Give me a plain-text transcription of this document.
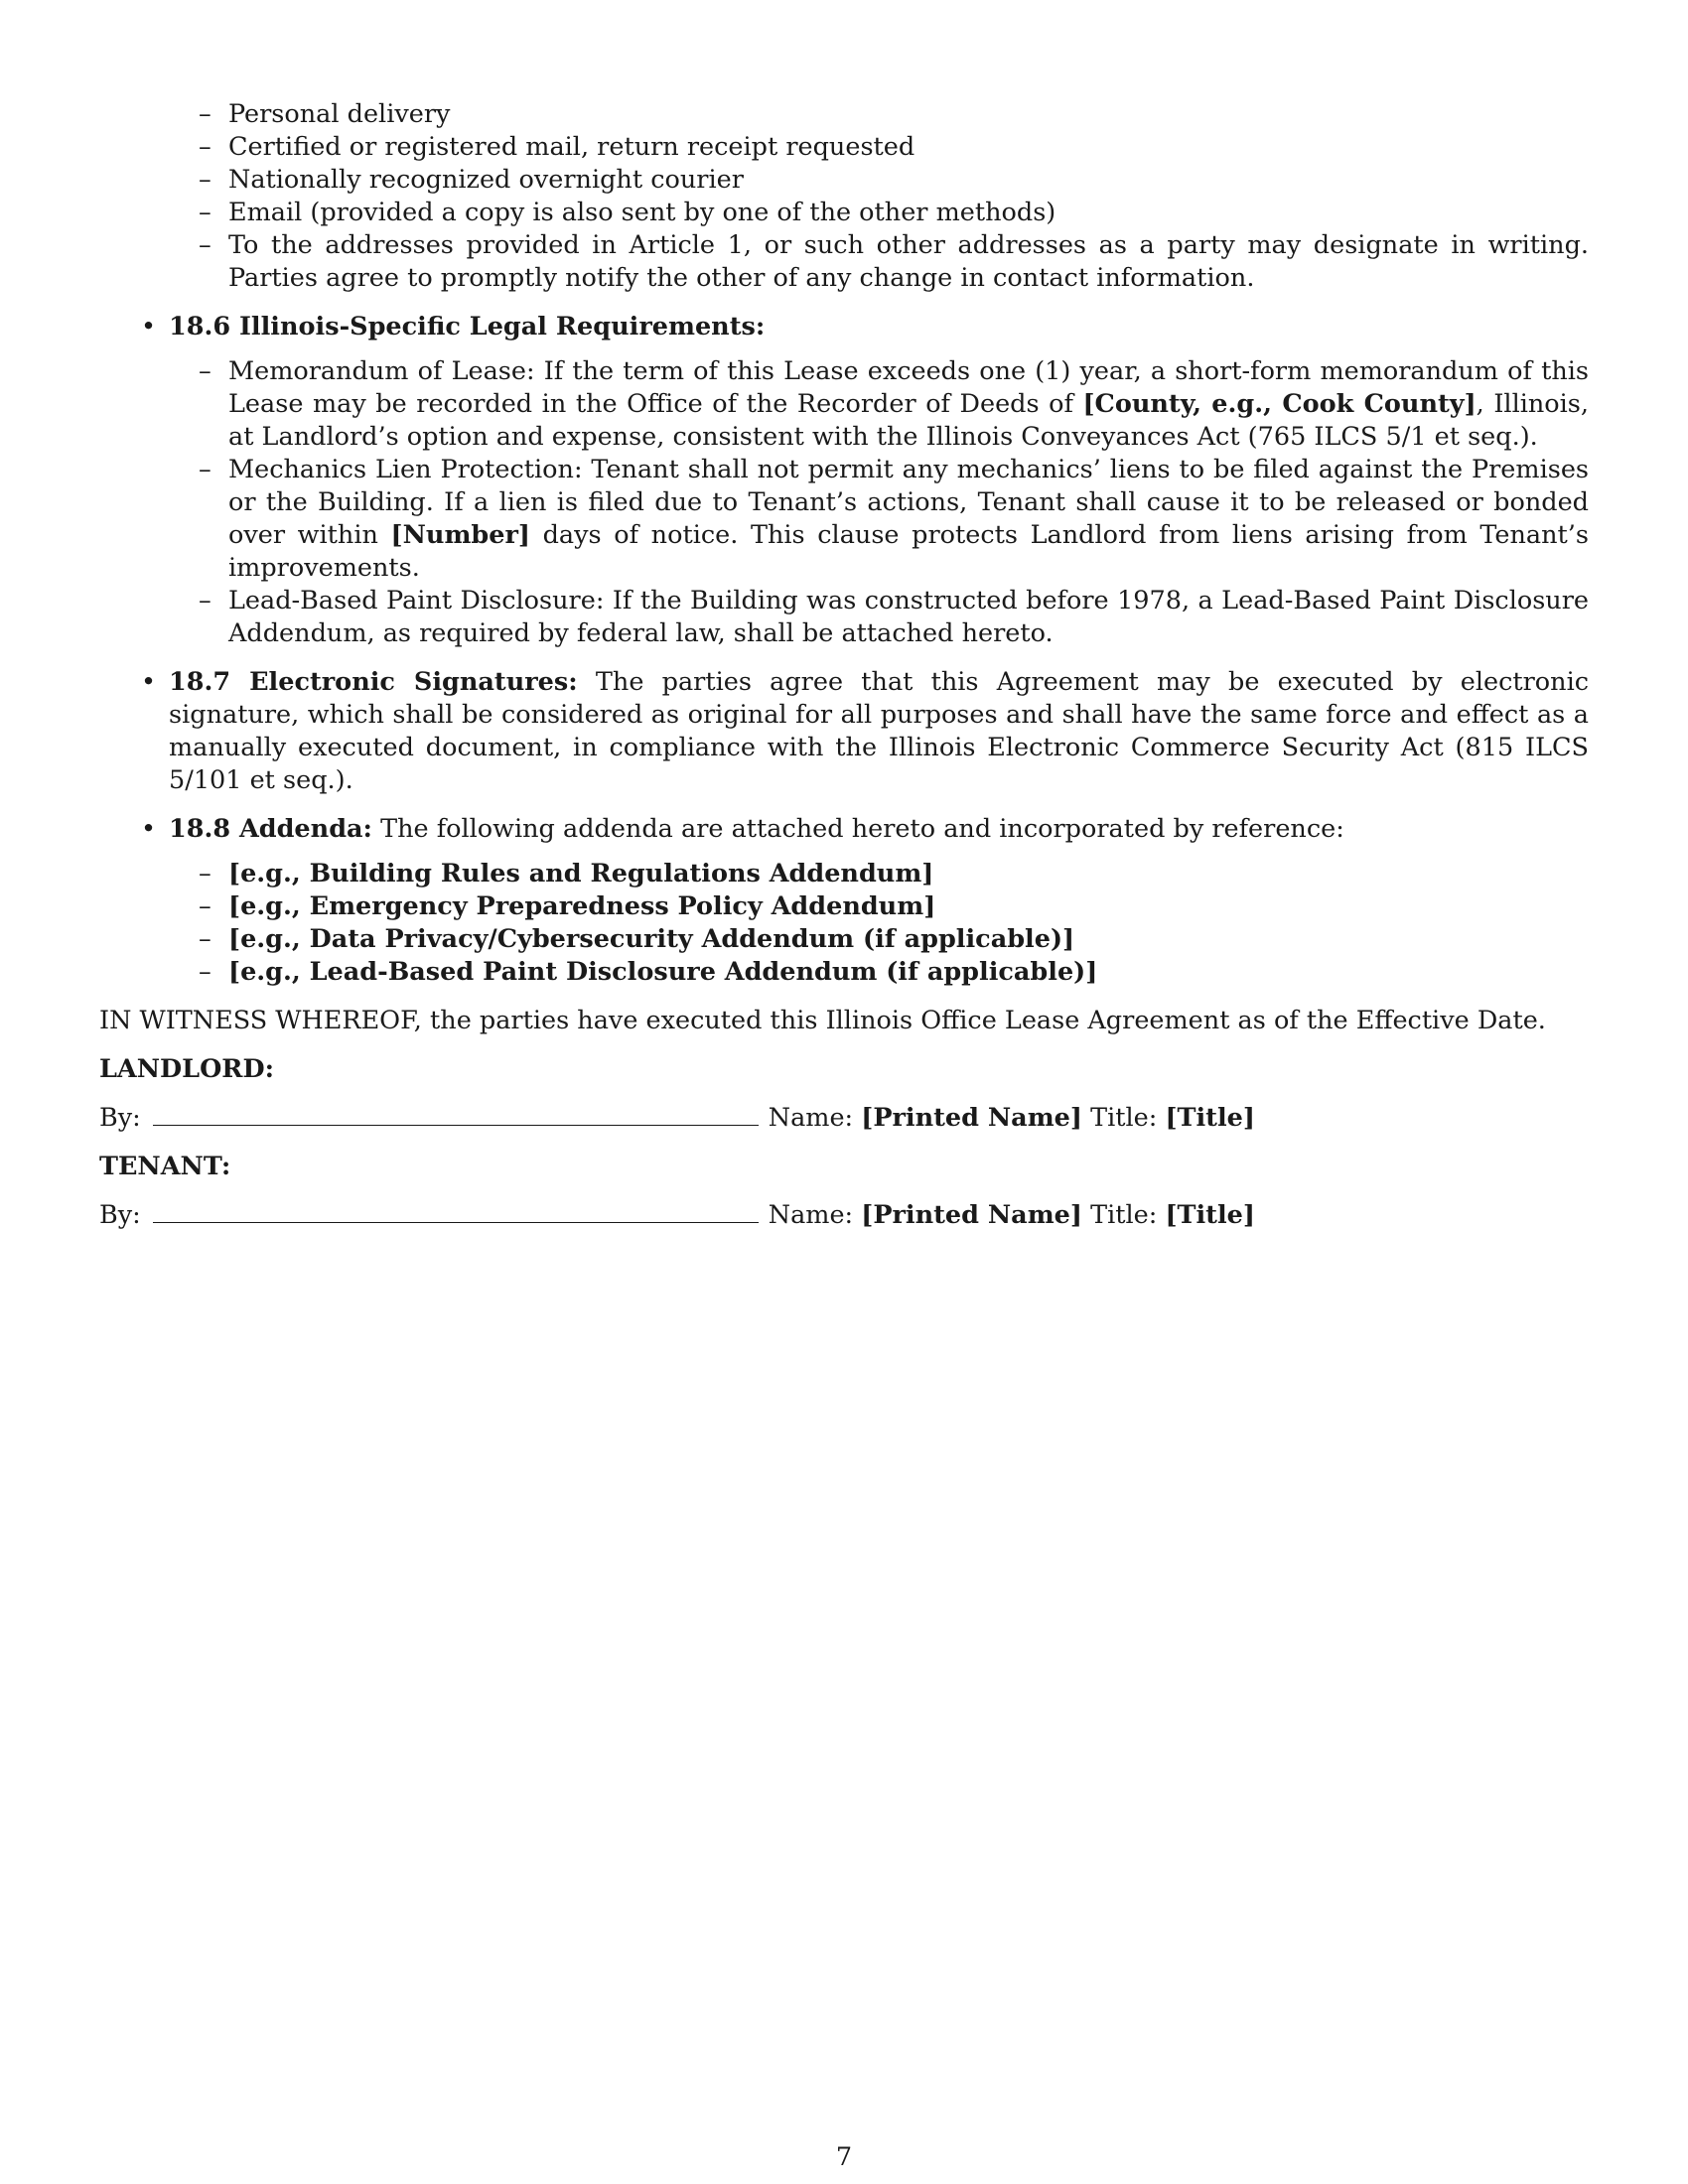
– Personal delivery
– Certified or registered mail, return receipt requested
– Nationally recognized overnight courier
– Email (provided a copy is also sent by one of the other methods)
– To the addresses provided in Article 1, or such other addresses as a party may designate in writing. Parties agree to promptly notify the other of any change in contact information.
• 18.6 Illinois-Specific Legal Requirements:
– Memorandum of Lease: If the term of this Lease exceeds one (1) year, a short-form memorandum of this Lease may be recorded in the Office of the Recorder of Deeds of [County, e.g., Cook County], Illinois, at Landlord’s option and expense, consistent with the Illinois Conveyances Act (765 ILCS 5/1 et seq.).
– Mechanics Lien Protection: Tenant shall not permit any mechanics’ liens to be filed against the Premises or the Building. If a lien is filed due to Tenant’s actions, Tenant shall cause it to be released or bonded over within [Number] days of notice. This clause protects Landlord from liens arising from Tenant’s improvements.
– Lead-Based Paint Disclosure: If the Building was constructed before 1978, a Lead-Based Paint Disclosure Addendum, as required by federal law, shall be attached hereto.
• 18.7 Electronic Signatures: The parties agree that this Agreement may be executed by electronic signature, which shall be considered as original for all purposes and shall have the same force and effect as a manually executed document, in compliance with the Illinois Electronic Commerce Security Act (815 ILCS 5/101 et seq.).
• 18.8 Addenda: The following addenda are attached hereto and incorporated by reference:
– [e.g., Building Rules and Regulations Addendum]
– [e.g., Emergency Preparedness Policy Addendum]
– [e.g., Data Privacy/Cybersecurity Addendum (if applicable)]
– [e.g., Lead-Based Paint Disclosure Addendum (if applicable)]

IN WITNESS WHEREOF, the parties have executed this Illinois Office Lease Agreement as of the Effective Date.

LANDLORD:

By:	Name:
[Printed Name]
Title:
[Title]

TENANT:

By:	Name:
[Printed Name]
Title:
[Title]
7
